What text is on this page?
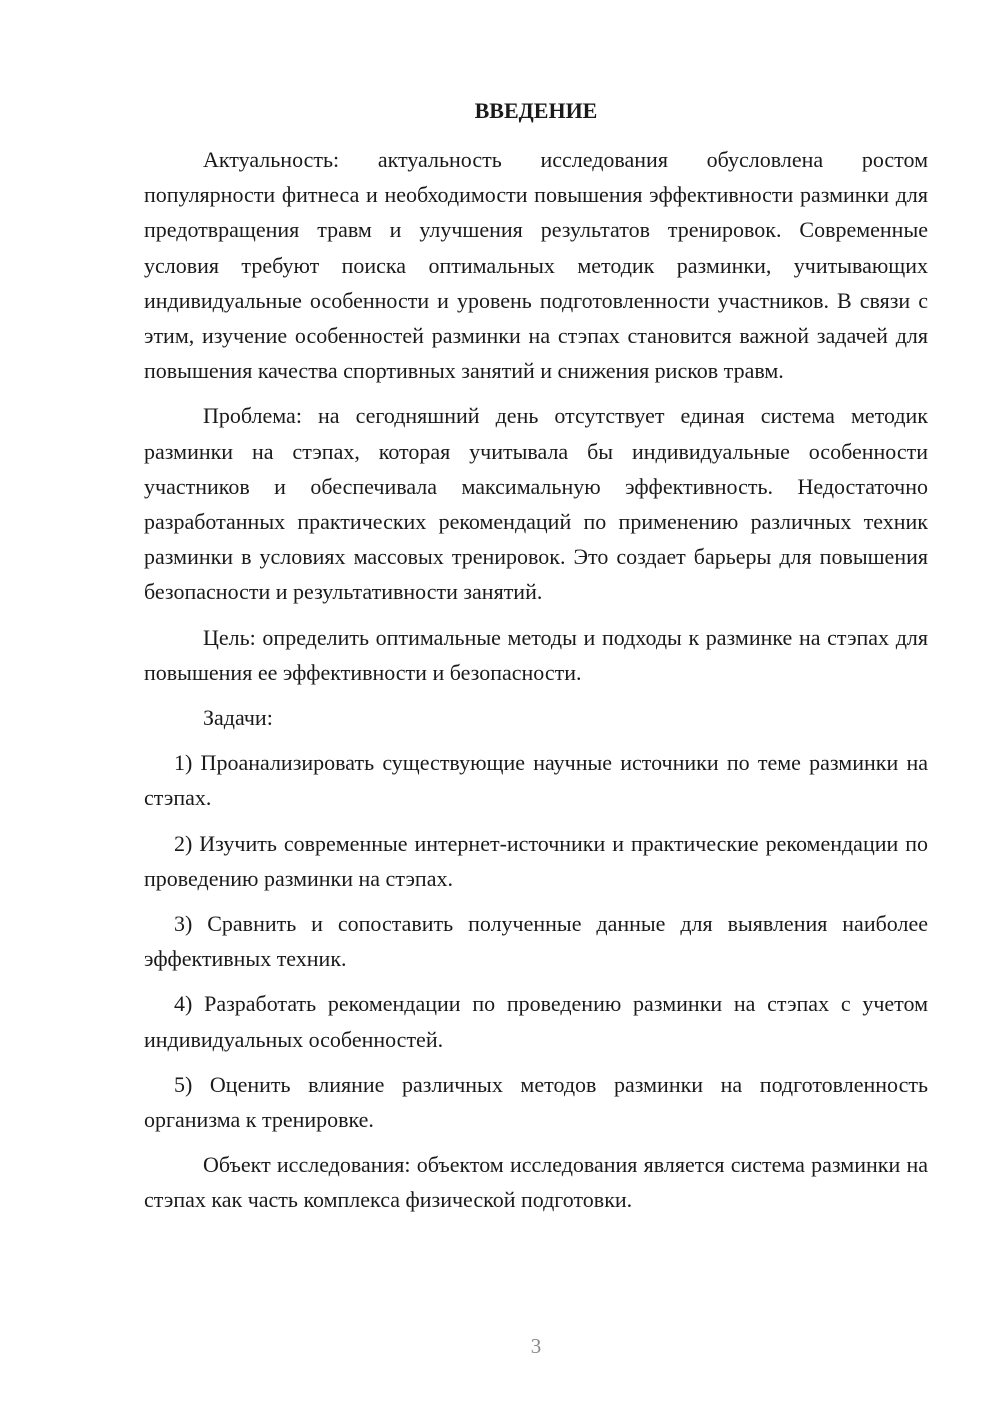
ВВЕДЕНИЕ

Актуальность: актуальность исследования обусловлена ростом популярности фитнеса и необходимости повышения эффективности разминки для предотвращения травм и улучшения результатов тренировок. Современные условия требуют поиска оптимальных методик разминки, учитывающих индивидуальные особенности и уровень подготовленности участников. В связи с этим, изучение особенностей разминки на стэпах становится важной задачей для повышения качества спортивных занятий и снижения рисков травм.

Проблема: на сегодняшний день отсутствует единая система методик разминки на стэпах, которая учитывала бы индивидуальные особенности участников и обеспечивала максимальную эффективность. Недостаточно разработанных практических рекомендаций по применению различных техник разминки в условиях массовых тренировок. Это создает барьеры для повышения безопасности и результативности занятий.

Цель: определить оптимальные методы и подходы к разминке на стэпах для повышения ее эффективности и безопасности.

Задачи:

1) Проанализировать существующие научные источники по теме разминки на стэпах.

2) Изучить современные интернет-источники и практические рекомендации по проведению разминки на стэпах.

3) Сравнить и сопоставить полученные данные для выявления наиболее эффективных техник.

4) Разработать рекомендации по проведению разминки на стэпах с учетом индивидуальных особенностей.

5) Оценить влияние различных методов разминки на подготовленность организма к тренировке.

Объект исследования: объектом исследования является система разминки на стэпах как часть комплекса физической подготовки.

3
